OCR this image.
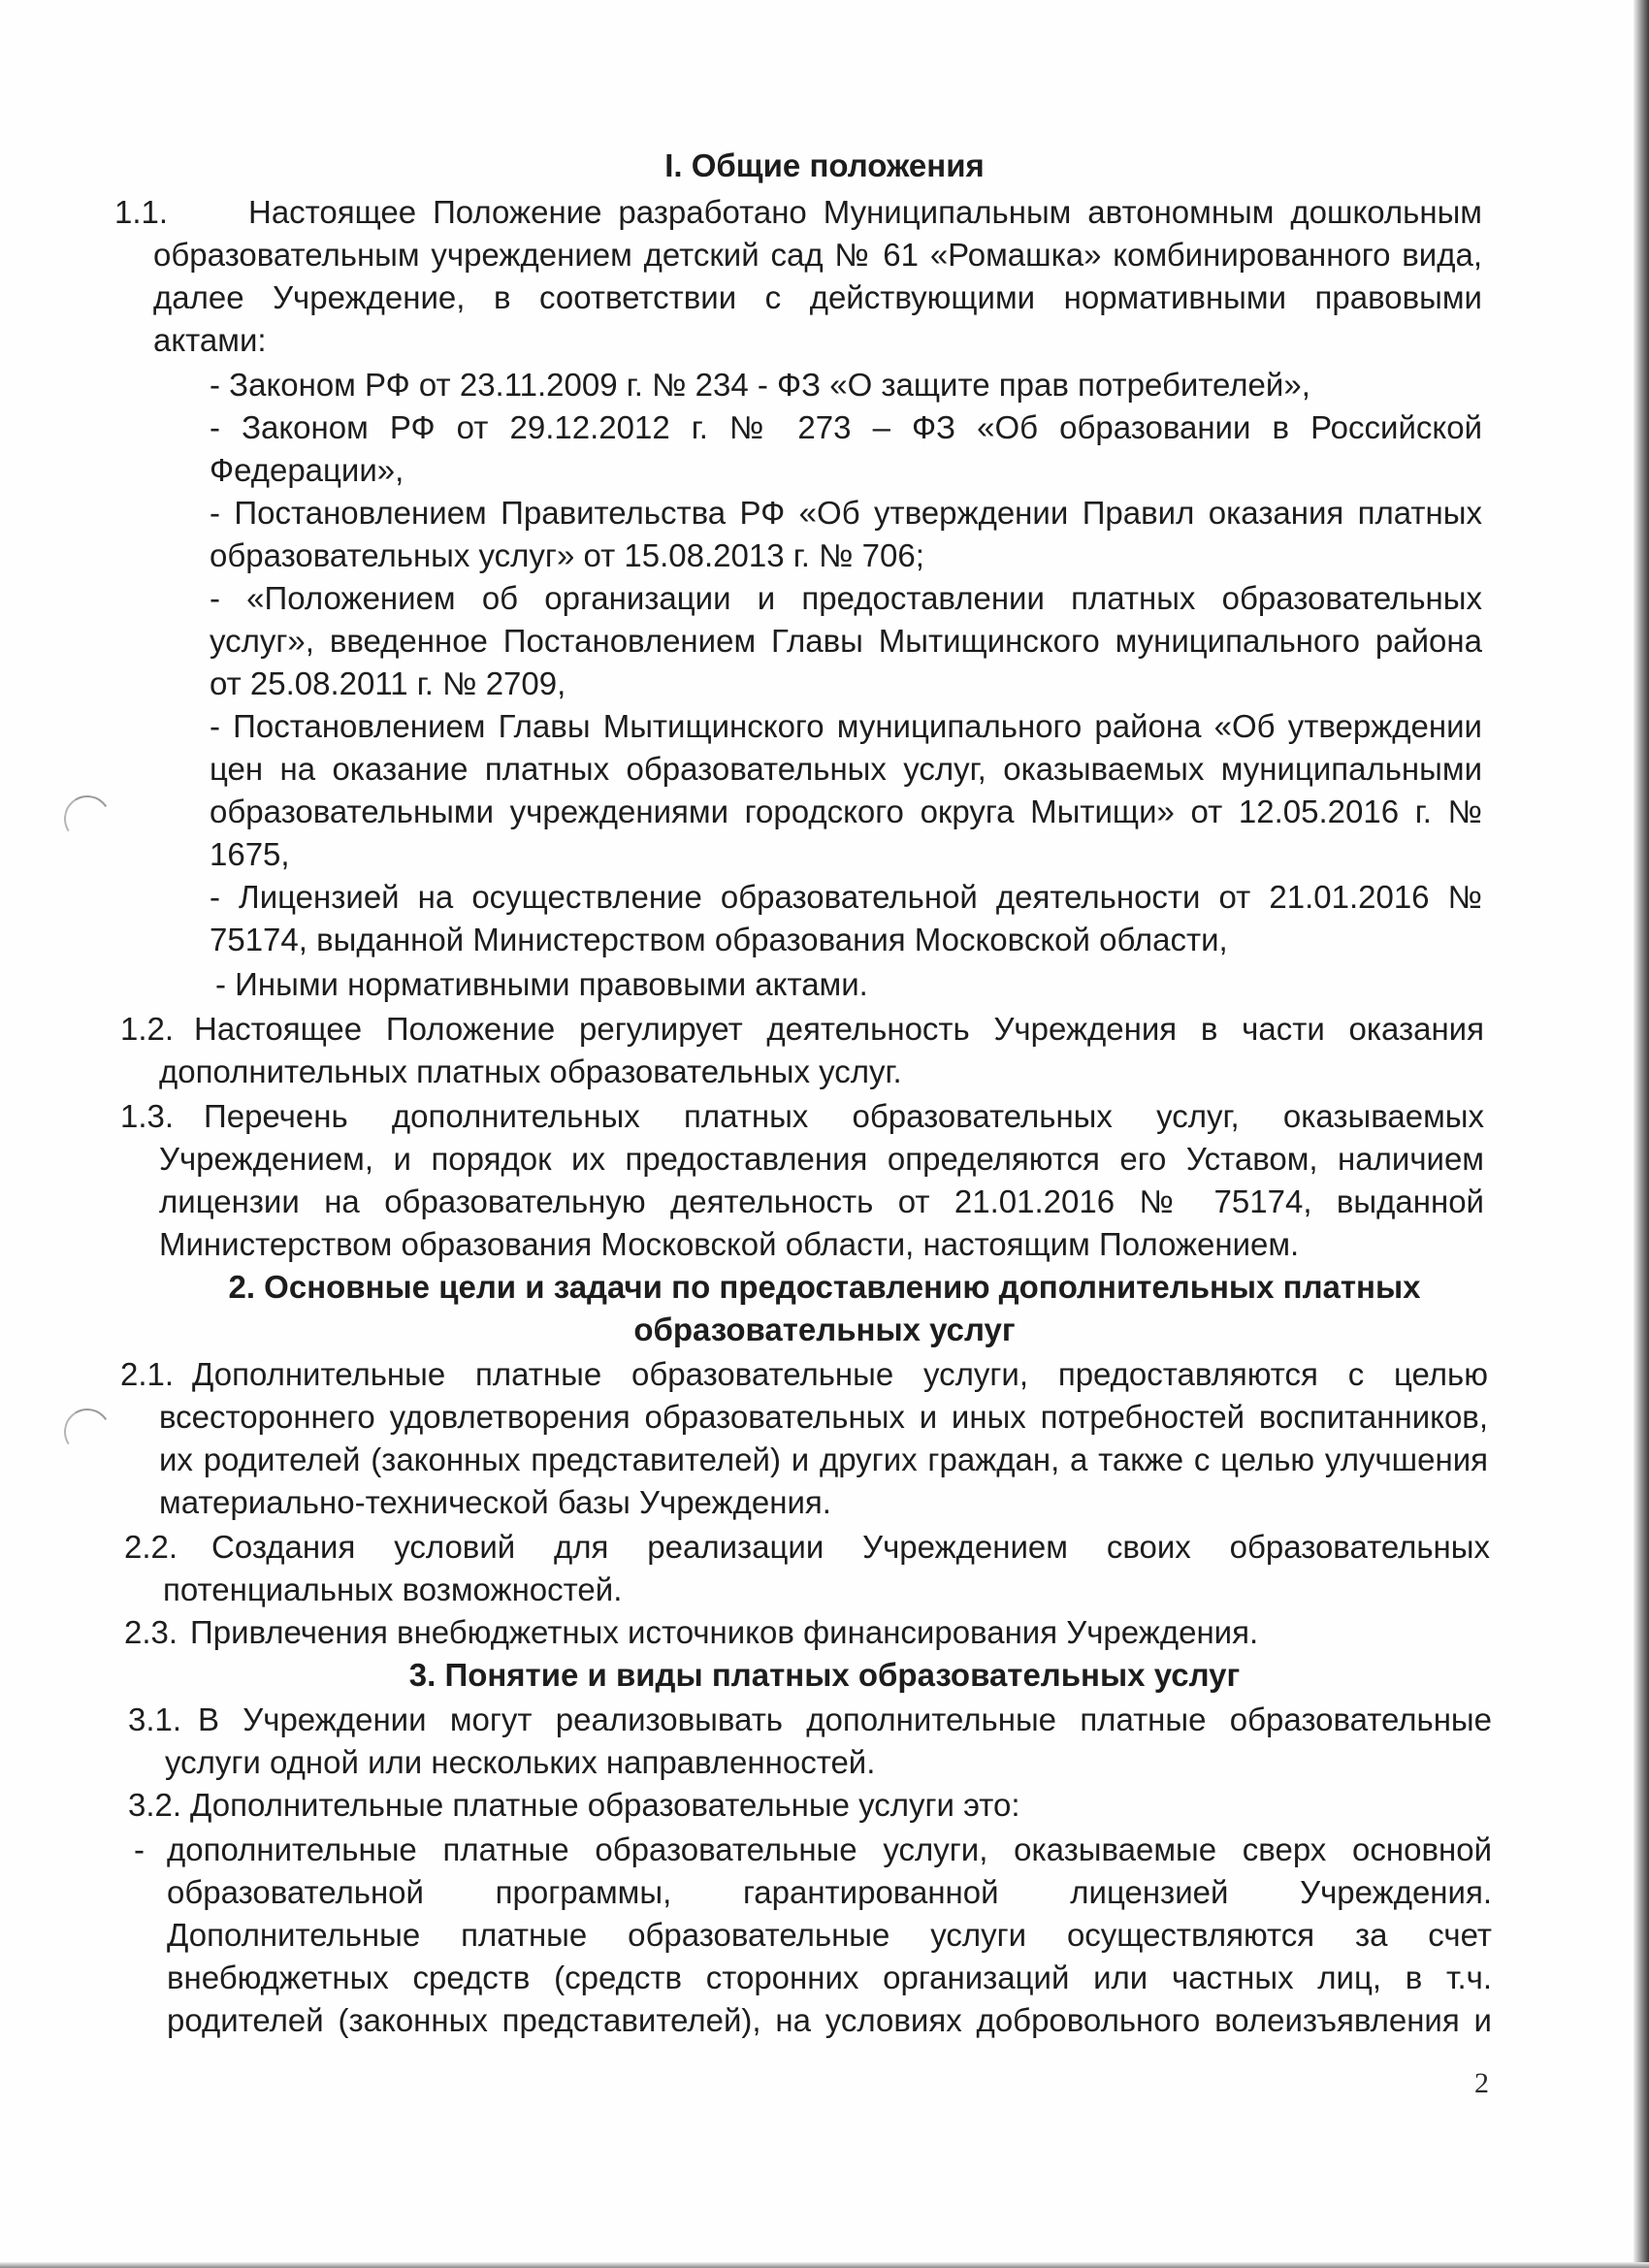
I. Общие положения
1.1.	Настоящее Положение разработано Муниципальным автономным дошкольным
образовательным учреждением детский сад № 61 «Ромашка» комбинированного вида,
далее Учреждение, в соответствии с действующими нормативными правовыми
актами:
- Законом РФ от 23.11.2009 г. № 234 - ФЗ «О защите прав потребителей»,
- Законом РФ от 29.12.2012 г. № 273 – ФЗ «Об образовании в Российской
Федерации»,
- Постановлением Правительства РФ «Об утверждении Правил оказания платных
образовательных услуг» от 15.08.2013 г. № 706;
- «Положением об организации и предоставлении платных образовательных
услуг», введенное Постановлением Главы Мытищинского муниципального района
от 25.08.2011 г. № 2709,
- Постановлением Главы Мытищинского муниципального района «Об утверждении
цен на оказание платных образовательных услуг, оказываемых муниципальными
образовательными учреждениями городского округа Мытищи» от 12.05.2016 г. №
1675,
- Лицензией на осуществление образовательной деятельности от 21.01.2016 №
75174, выданной Министерством образования Московской области,
- Иными нормативными правовыми актами.
1.2. Настоящее Положение регулирует деятельность Учреждения в части оказания
дополнительных платных образовательных услуг.
1.3. Перечень дополнительных платных образовательных услуг, оказываемых
Учреждением, и порядок их предоставления определяются его Уставом, наличием
лицензии на образовательную деятельность от 21.01.2016 № 75174, выданной
Министерством образования Московской области, настоящим Положением.
2. Основные цели и задачи по предоставлению дополнительных платных
образовательных услуг
2.1. Дополнительные платные образовательные услуги, предоставляются с целью
всестороннего удовлетворения образовательных и иных потребностей воспитанников,
их родителей (законных представителей) и других граждан, а также с целью улучшения
материально-технической базы Учреждения.
2.2. Создания условий для реализации Учреждением своих образовательных
потенциальных возможностей.
2.3. Привлечения внебюджетных источников финансирования Учреждения.
3. Понятие и виды платных образовательных услуг
3.1. В Учреждении могут реализовывать дополнительные платные образовательные
услуги одной или нескольких направленностей.
3.2. Дополнительные платные образовательные услуги это:
- дополнительные платные образовательные услуги, оказываемые сверх основной
образовательной программы, гарантированной лицензией Учреждения.
Дополнительные платные образовательные услуги осуществляются за счет
внебюджетных средств (средств сторонних организаций или частных лиц, в т.ч.
родителей (законных представителей), на условиях добровольного волеизъявления и
2
